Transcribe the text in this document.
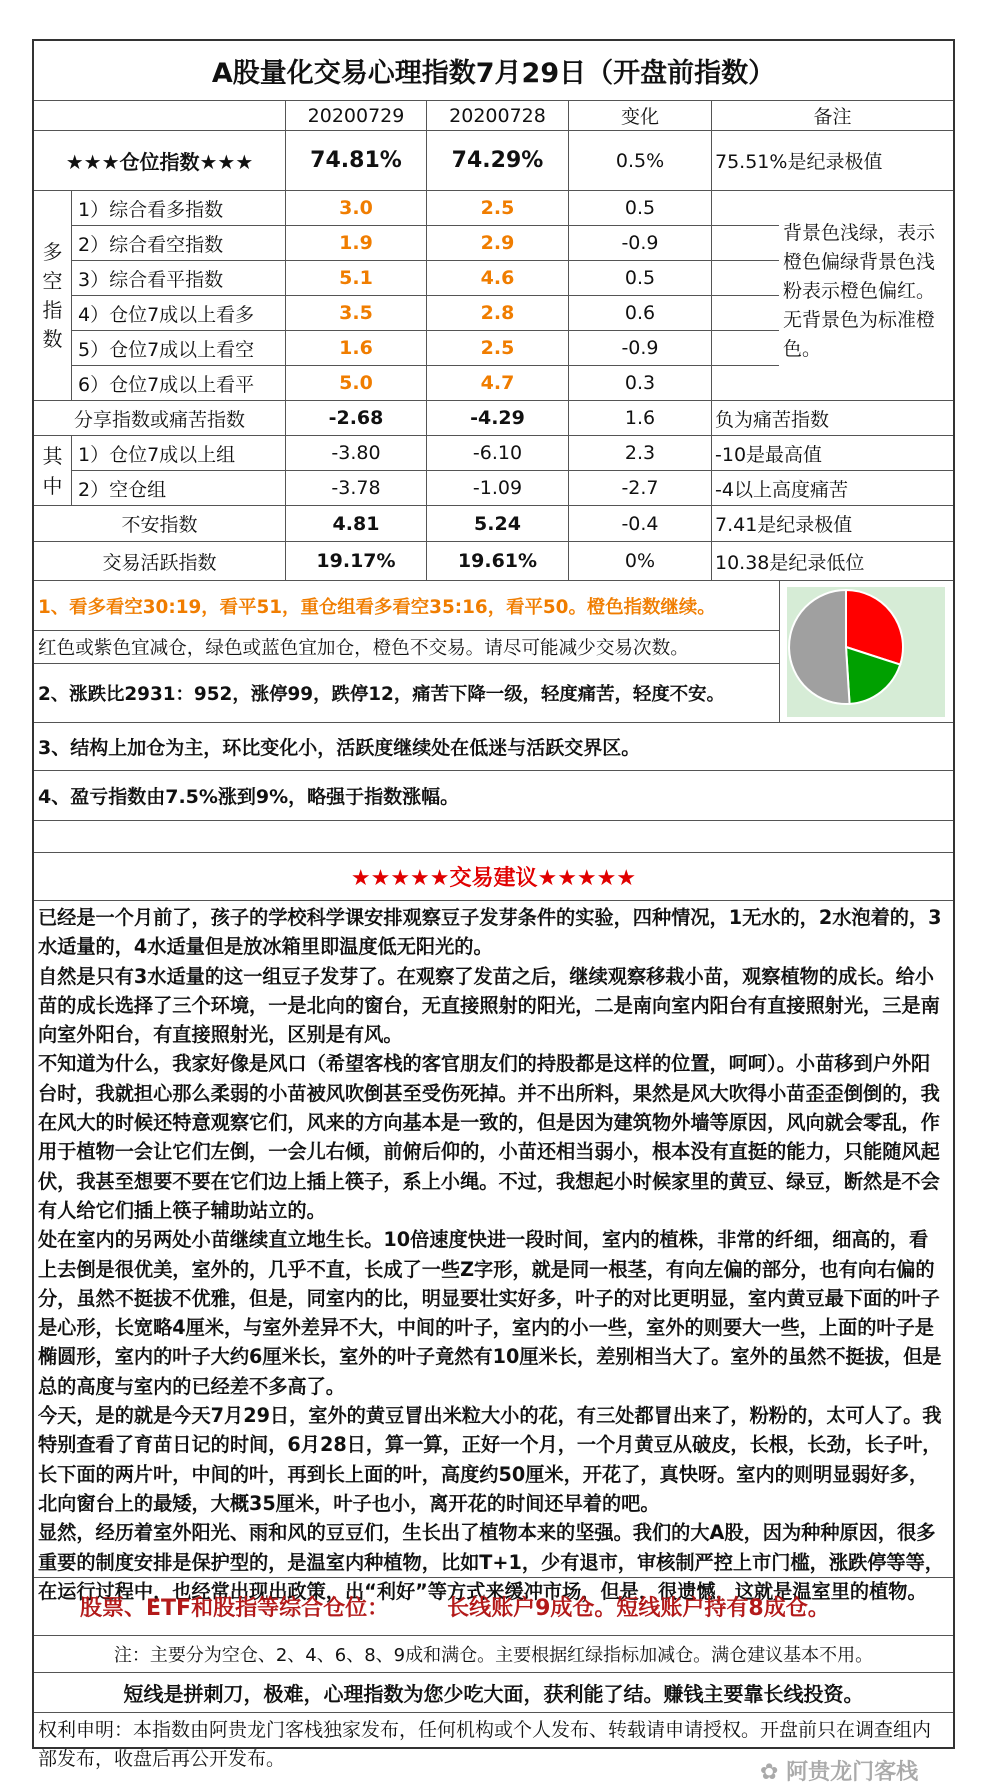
A股量化交易心理指数7月29日（开盘前指数）
20200729	20200728	变化	备注
★★★仓位指数★★★	74.81%	74.29%	0.5%	75.51%是纪录极值
1）综合看多指数	3.0	2.5	0.5
2）综合看空指数	1.9	2.9	-0.9
3）综合看平指数	5.1	4.6	0.5
4）仓位7成以上看多	3.5	2.8	0.6
5）仓位7成以上看空	1.6	2.5	-0.9
6）仓位7成以上看平	5.0	4.7	0.3
多
空
指
数
背景色浅绿，表示橙色偏绿背景色浅粉表示橙色偏红。无背景色为标准橙色。
分享指数或痛苦指数	-2.68	-4.29	1.6	负为痛苦指数
1）仓位7成以上组	-3.80	-6.10	2.3	-10是最高值
2）空仓组	-3.78	-1.09	-2.7	-4以上高度痛苦
其
中
不安指数	4.81	5.24	-0.4	7.41是纪录极值
交易活跃指数	19.17%	19.61%	0%	10.38是纪录低位
1、看多看空30:19，看平51，重仓组看多看空35:16，看平50。橙色指数继续。
红色或紫色宜减仓，绿色或蓝色宜加仓，橙色不交易。请尽可能减少交易次数。
2、涨跌比2931：952，涨停99，跌停12，痛苦下降一级，轻度痛苦，轻度不安。
3、结构上加仓为主，环比变化小，活跃度继续处在低迷与活跃交界区。
4、盈亏指数由7.5%涨到9%，略强于指数涨幅。
★★★★★交易建议★★★★★

已经是一个月前了，孩子的学校科学课安排观察豆子发芽条件的实验，四种情况，1无水的，2水泡着的，3水适量的，4水适量但是放冰箱里即温度低无阳光的。

自然是只有3水适量的这一组豆子发芽了。在观察了发苗之后，继续观察移栽小苗，观察植物的成长。给小苗的成长选择了三个环境，一是北向的窗台，无直接照射的阳光，二是南向室内阳台有直接照射光，三是南向室外阳台，有直接照射光，区别是有风。

不知道为什么，我家好像是风口（希望客栈的客官朋友们的持股都是这样的位置，呵呵）。小苗移到户外阳台时，我就担心那么柔弱的小苗被风吹倒甚至受伤死掉。并不出所料，果然是风大吹得小苗歪歪倒倒的，我在风大的时候还特意观察它们，风来的方向基本是一致的，但是因为建筑物外墙等原因，风向就会零乱，作用于植物一会让它们左倒，一会儿右倾，前俯后仰的，小苗还相当弱小，根本没有直挺的能力，只能随风起伏，我甚至想要不要在它们边上插上筷子，系上小绳。不过，我想起小时候家里的黄豆、绿豆，断然是不会有人给它们插上筷子辅助站立的。

处在室内的另两处小苗继续直立地生长。10倍速度快进一段时间，室内的植株，非常的纤细，细高的，看上去倒是很优美，室外的，几乎不直，长成了一些Z字形，就是同一根茎，有向左偏的部分，也有向右偏的分，虽然不挺拔不优雅，但是，同室内的比，明显要壮实好多，叶子的对比更明显，室内黄豆最下面的叶子是心形，长宽略4厘米，与室外差异不大，中间的叶子，室内的小一些，室外的则要大一些，上面的叶子是椭圆形，室内的叶子大约6厘米长，室外的叶子竟然有10厘米长，差别相当大了。室外的虽然不挺拔，但是总的高度与室内的已经差不多高了。

今天，是的就是今天7月29日，室外的黄豆冒出米粒大小的花，有三处都冒出来了，粉粉的，太可人了。我特别查看了育苗日记的时间，6月28日，算一算，正好一个月，一个月黄豆从破皮，长根，长劲，长子叶，长下面的两片叶，中间的叶，再到长上面的叶，高度约50厘米，开花了，真快呀。室内的则明显弱好多，北向窗台上的最矮，大概35厘米，叶子也小，离开花的时间还早着的吧。

显然，经历着室外阳光、雨和风的豆豆们，生长出了植物本来的坚强。我们的大A股，因为种种原因，很多重要的制度安排是保护型的，是温室内种植物，比如T+1，少有退市，审核制严控上市门槛，涨跌停等等，在运行过程中，也经常出现出政策，出“利好”等方式来缓冲市场，但是，很遗憾，这就是温室里的植物。

股票、ETF和股指等综合仓位：	长线账户9成仓。短线账户持有8成仓。
注：主要分为空仓、2、4、6、8、9成和满仓。主要根据红绿指标加减仓。满仓建议基本不用。
短线是拼刺刀，极难，心理指数为您少吃大面，获利能了结。赚钱主要靠长线投资。
权利申明：本指数由阿贵龙门客栈独家发布，任何机构或个人发布、转载请申请授权。开盘前只在调查组内部发布，收盘后再公开发布。
✿ 阿贵龙门客栈
